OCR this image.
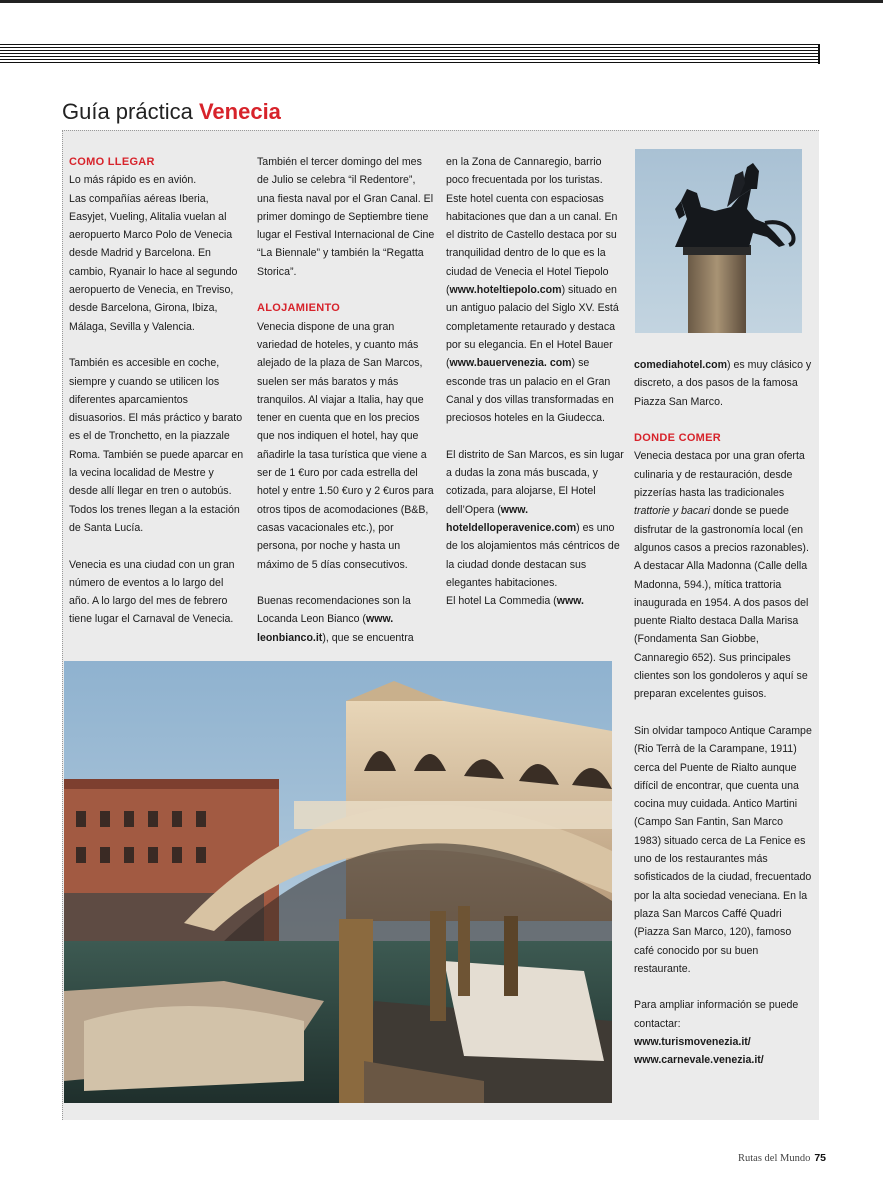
Guía práctica Venecia
COMO LLEGAR

Lo más rápido es en avión.

Las compañías aéreas Iberia, Easyjet, Vueling, Alitalia vuelan al aeropuerto Marco Polo de Venecia desde Madrid y Barcelona. En cambio, Ryanair lo hace al segundo aeropuerto de Venecia, en Treviso, desde Barcelona, Girona, Ibiza, Málaga, Sevilla y Valencia.

También es accesible en coche, siempre y cuando se utilicen los diferentes aparcamientos disuasorios. El más práctico y barato es el de Tronchetto, en la piazzale Roma. También se puede aparcar en la vecina localidad de Mestre y desde allí llegar en tren o autobús. Todos los trenes llegan a la estación de Santa Lucía.

Venecia es una ciudad con un gran número de eventos a lo largo del año. A lo largo del mes de febrero tiene lugar el Carnaval de Venecia.

También el tercer domingo del mes de Julio se celebra “il Redentore”, una fiesta naval por el Gran Canal. El primer domingo de Septiembre tiene lugar el Festival Internacional de Cine “La Biennale” y también la “Regatta Storica”.

ALOJAMIENTO

Venecia dispone de una gran variedad de hoteles, y cuanto más alejado de la plaza de San Marcos, suelen ser más baratos y más tranquilos. Al viajar a Italia, hay que tener en cuenta que en los precios que nos indiquen el hotel, hay que añadirle la tasa turística que viene a ser de 1 €uro por cada estrella del hotel y entre 1.50 €uro y 2 €uros para otros tipos de acomodaciones (B&B, casas vacacionales etc.), por persona, por noche y hasta un máximo de 5 días consecutivos.

Buenas recomendaciones son la Locanda Leon Bianco (www. leonbianco.it), que se encuentra

en la Zona de Cannaregio, barrio poco frecuentada por los turistas. Este hotel cuenta con espaciosas habitaciones que dan a un canal. En el distrito de Castello destaca por su tranquilidad dentro de lo que es la ciudad de Venecia el Hotel Tiepolo (www.hoteltiepolo.com) situado en un antiguo palacio del Siglo XV. Está completamente retaurado y destaca por su elegancia. En el Hotel Bauer (www.bauervenezia. com) se esconde tras un palacio en el Gran Canal y dos villas transformadas en preciosos hoteles en la Giudecca.

El distrito de San Marcos, es sin lugar a dudas la zona más buscada, y cotizada, para alojarse, El Hotel dell’Opera (www. hoteldelloperavenice.com) es uno de los alojamientos más céntricos de la ciudad donde destacan sus elegantes habitaciones.

El hotel La Commedia (www.

comediahotel.com) es muy clásico y discreto, a dos pasos de la famosa Piazza San Marco.

DONDE COMER

Venecia destaca por una gran oferta culinaria y de restauración, desde pizzerías hasta las tradicionales trattorie y bacari donde se puede disfrutar de la gastronomía local (en algunos casos a precios razonables). A destacar Alla Madonna (Calle della Madonna, 594.), mítica trattoria inaugurada en 1954. A dos pasos del puente Rialto destaca Dalla Marisa (Fondamenta San Giobbe, Cannaregio 652). Sus principales clientes son los gondoleros y aquí se preparan excelentes guisos.

Sin olvidar tampoco Antique Carampe (Rio Terrà de la Carampane, 1911) cerca del Puente de Rialto aunque difícil de encontrar, que cuenta una cocina muy cuidada. Antico Martini (Campo San Fantin, San Marco 1983) situado cerca de La Fenice es uno de los restaurantes más sofisticados de la ciudad, frecuentado por la alta sociedad veneciana. En la plaza San Marcos Caffé Quadri (Piazza San Marco, 120), famoso café conocido por su buen restaurante.

Para ampliar información se puede contactar:

www.turismovenezia.it/

www.carnevale.venezia.it/

Rutas del Mundo 75
